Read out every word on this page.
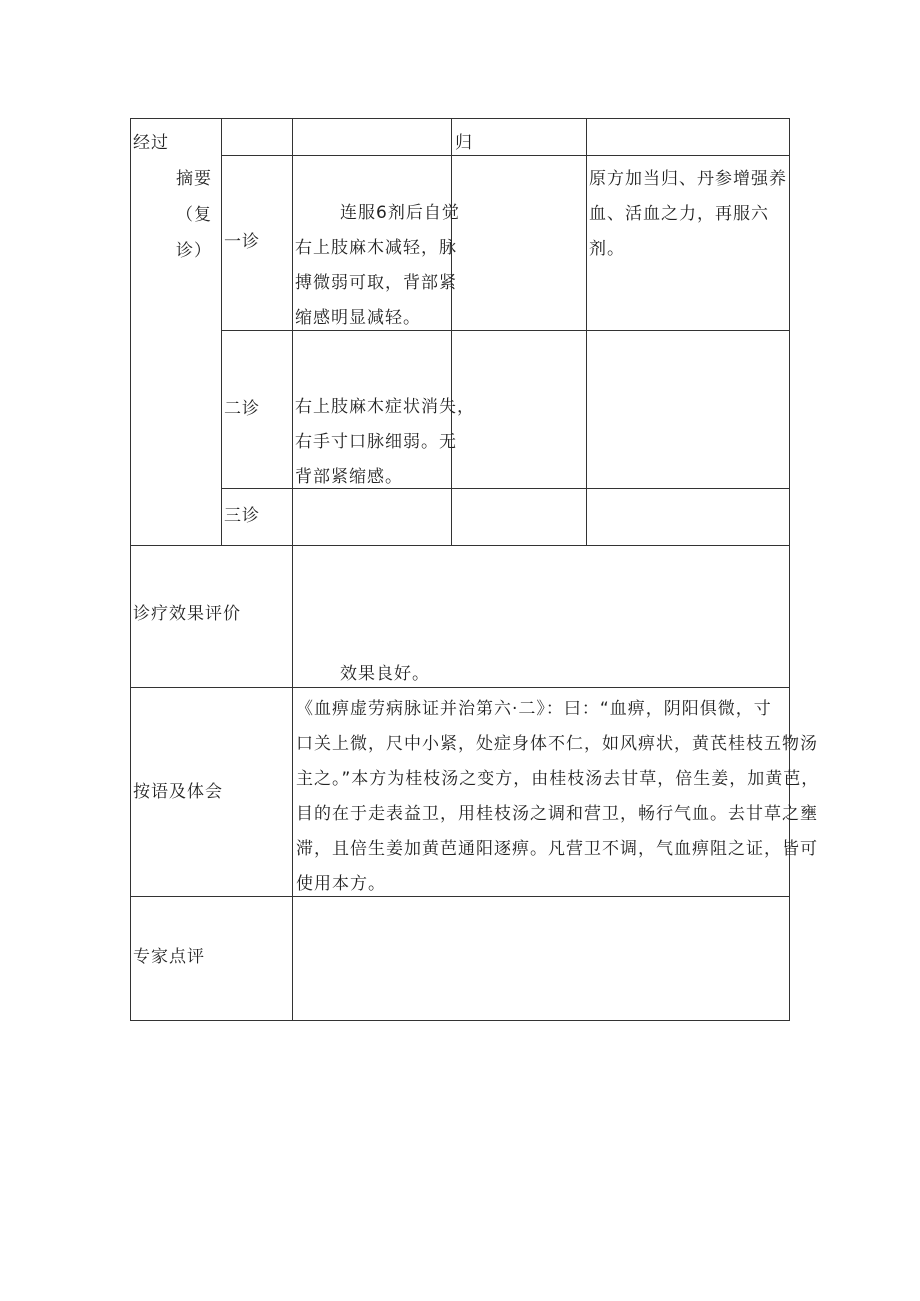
经过
摘要
（复
诊）
归
一诊
连服6剂后自觉
右上肢麻木减轻，脉
搏微弱可取，背部紧
缩感明显减轻。
原方加当归、丹参增强养
血、活血之力，再服六
剂。
二诊 右上肢麻木症状消失，
右手寸口脉细弱。无
背部紧缩感。
三诊
诊疗效果评价
效果良好。
按语及体会
《血痹虚劳病脉证并治第六·二》：曰：“血痹，阴阳俱微，寸
口关上微，尺中小紧，处症身体不仁，如风痹状，黄芪桂枝五物汤
主之。”本方为桂枝汤之变方，由桂枝汤去甘草，倍生姜，加黄芭，
目的在于走表益卫，用桂枝汤之调和营卫，畅行气血。去甘草之壅
滞，且倍生姜加黄芭通阳逐痹。凡营卫不调，气血痹阻之证，皆可
使用本方。
专家点评
